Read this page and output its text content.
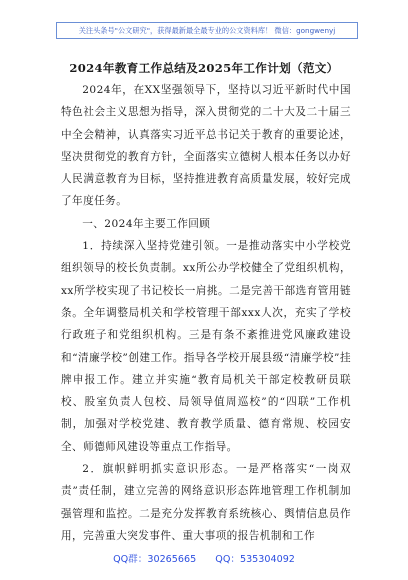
关注头条号"公文研究"，获得最新最全最专业的公文资料库！ 微信：gongwenyj
2024年教育工作总结及2025年工作计划（范文）

2024年，在XX坚强领导下，坚持以习近平新时代中国特色社会主义思想为指导，深入贯彻党的二十大及二十届三中全会精神，认真落实习近平总书记关于教育的重要论述，坚决贯彻党的教育方针，全面落实立德树人根本任务以办好人民满意教育为目标，坚持推进教育高质量发展，较好完成了年度任务。

一、2024年主要工作回顾

1．持续深入坚持党建引领。一是推动落实中小学校党组织领导的校长负责制。xx所公办学校健全了党组织机构，xx所学校实现了书记校长一肩挑。二是完善干部选育管用链条。全年调整局机关和学校管理干部xxx人次，充实了学校行政班子和党组织机构。三是有条不紊推进党风廉政建设和“清廉学校”创建工作。指导各学校开展县级“清廉学校”挂牌申报工作。建立并实施“教育局机关干部定校教研员联校、股室负责人包校、局领导值周巡校”的“四联”工作机制，加强对学校党建、教育教学质量、德育常规、校园安全、师德师风建设等重点工作指导。

2．旗帜鲜明抓实意识形态。一是严格落实“一岗双责”责任制，建立完善的网络意识形态阵地管理工作机制加强管理和监控。二是充分发挥教育系统核心、舆情信息员作用，完善重大突发事件、重大事项的报告机制和工作

QQ群：30265665 QQ：535304092
